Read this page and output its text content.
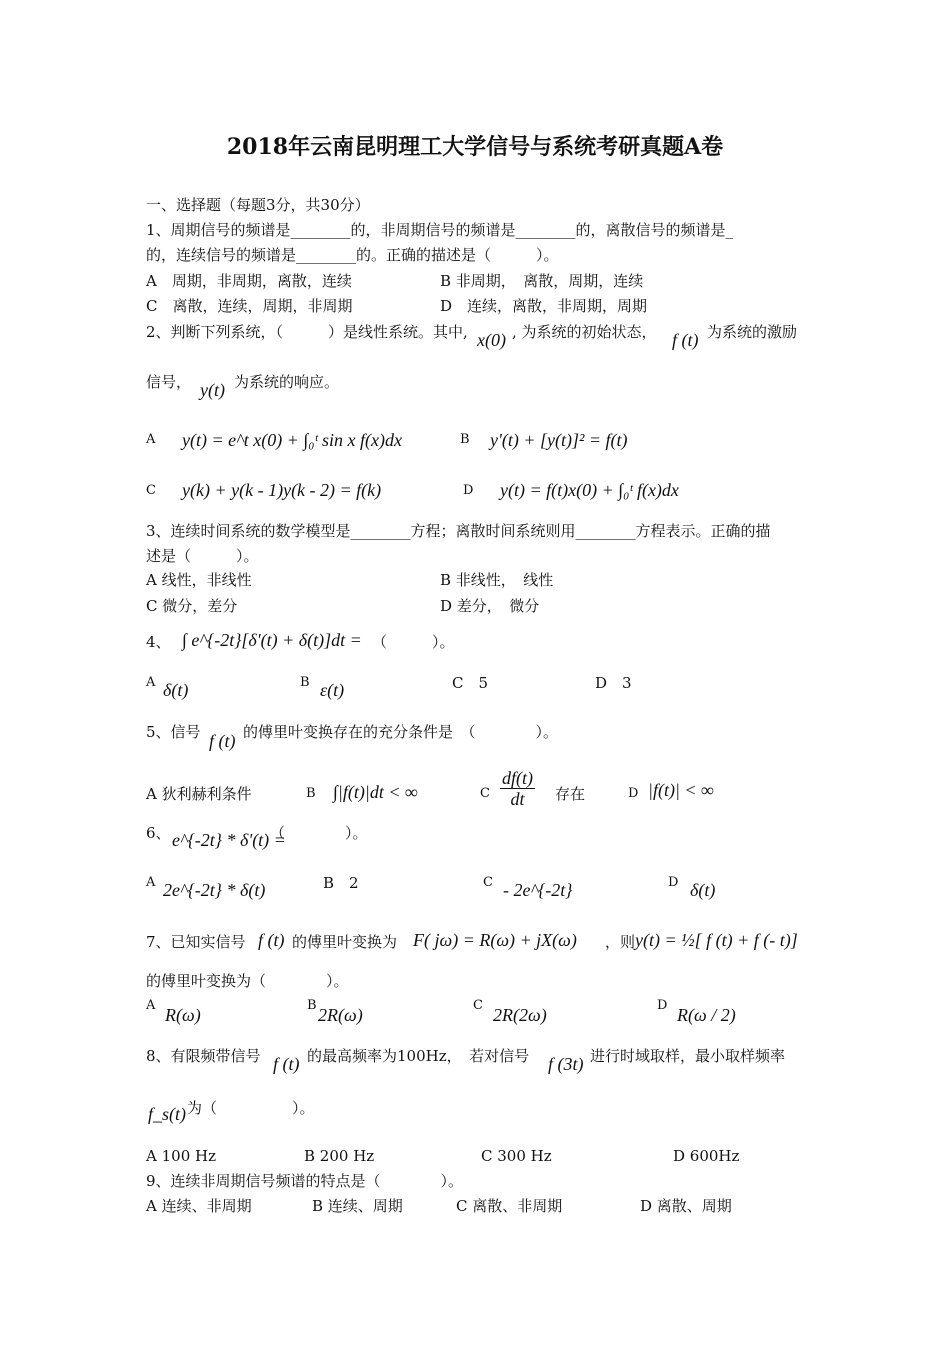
2018年云南昆明理工大学信号与系统考研真题A卷
一、选择题（每题3分，共30分）
1、周期信号的频谱是________的，非周期信号的频谱是________的，离散信号的频谱是_
的，连续信号的频谱是________的。正确的描述是（　　　）。
A　周期，非周期，离散，连续	B 非周期，　离散，周期，连续
C　离散，连续，周期，非周期	D　连续，离散，非周期，周期
2、判断下列系统，（　　　）是线性系统。其中, x(0) , 为系统的初始状态， f (t) 为系统的激励
信号， y(t) 为系统的响应。
A y(t) = e^t x(0) + ∫₀ᵗ sin x f(x)dx	B y'(t) + [y(t)]² = f(t)
C y(k) + y(k - 1)y(k - 2) = f(k)	D y(t) = f(t)x(0) + ∫₀ᵗ f(x)dx
3、连续时间系统的数学模型是________方程；离散时间系统则用________方程表示。正确的描
述是（　　　）。
A 线性，非线性	B 非线性，　线性
C 微分，差分	D 差分，　微分
4、 ∫ e^{-2t}[δ'(t) + δ(t)]dt = （　　　）。
A δ(t)	B ε(t)	C　5	D　3
5、信号 f (t) 的傅里叶变换存在的充分条件是　（　　　　）。
A 狄利赫利条件	B ∫|f(t)|dt < ∞	C $\frac{df(t)}{dt}$ 存在	D |f(t)| < ∞
6、 e^{-2t} * δ'(t) =
（　　　　）。
A 2e^{-2t} * δ(t)	B　2	C - 2e^{-2t}	D δ(t)
7、已知实信号 f (t) 的傅里叶变换为 F( jω) = R(ω) + jX(ω) ，则 y(t) = ½[ f (t) + f (- t)]
的傅里叶变换为（　　　　）。
A R(ω)	B 2R(ω)	C 2R(2ω)	D R(ω / 2)
8、有限频带信号 f (t) 的最高频率为100Hz，　若对信号 f (3t) 进行时域取样，最小取样频率
f_s(t) 为（　　　　　）。
A 100 Hz	B 200 Hz	C 300 Hz	D 600Hz
9、连续非周期信号频谱的特点是（　　　　）。
A 连续、非周期	B 连续、周期	C 离散、非周期	D 离散、周期
